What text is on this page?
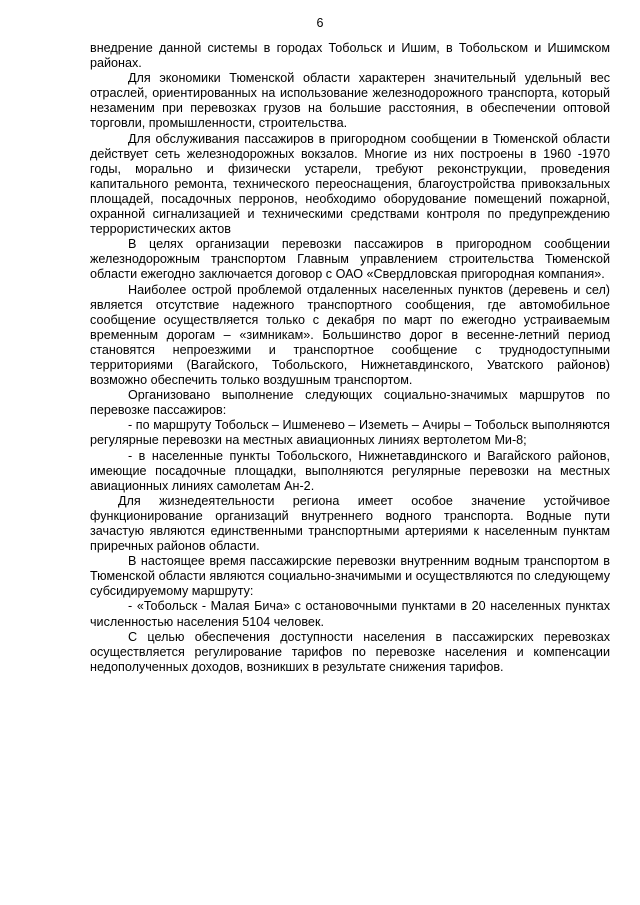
6

внедрение данной системы в городах Тобольск и Ишим, в Тобольском и Ишимском районах.

Для экономики Тюменской области характерен значительный удельный вес отраслей, ориентированных на использование железнодорожного транспорта, который незаменим при перевозках грузов на большие расстояния, в обеспечении оптовой торговли, промышленности, строительства.

Для обслуживания пассажиров в пригородном сообщении в Тюменской области действует сеть железнодорожных вокзалов. Многие из них построены в 1960 -1970 годы, морально и физически устарели, требуют реконструкции, проведения капитального ремонта, технического переоснащения, благоустройства привокзальных площадей, посадочных перронов, необходимо оборудование помещений пожарной, охранной сигнализацией и техническими средствами контроля по предупреждению террористических актов

В целях организации перевозки пассажиров в пригородном сообщении железнодорожным транспортом Главным управлением строительства Тюменской области ежегодно заключается договор с ОАО «Свердловская пригородная компания».

Наиболее острой проблемой отдаленных населенных пунктов (деревень и сел) является отсутствие надежного транспортного сообщения, где автомобильное сообщение осуществляется только с декабря по март по ежегодно устраиваемым временным дорогам – «зимникам». Большинство дорог в весенне-летний период становятся непроезжими и транспортное сообщение с труднодоступными территориями (Вагайского, Тобольского, Нижнетавдинского, Уватского районов) возможно обеспечить только воздушным транспортом.

Организовано выполнение следующих социально-значимых маршрутов по перевозке пассажиров:

- по маршруту Тобольск – Ишменево – Иземеть – Ачиры – Тобольск выполняются регулярные перевозки на местных авиационных линиях вертолетом Ми-8;

- в населенные пункты Тобольского, Нижнетавдинского и Вагайского районов, имеющие посадочные площадки, выполняются регулярные перевозки на местных авиационных линиях самолетам Ан-2.

Для жизнедеятельности региона имеет особое значение устойчивое функционирование организаций внутреннего водного транспорта. Водные пути зачастую являются единственными транспортными артериями к населенным пунктам приречных районов области.

В настоящее время пассажирские перевозки внутренним водным транспортом в Тюменской области являются социально-значимыми и осуществляются по следующему субсидируемому маршруту:

- «Тобольск - Малая Бича» с остановочными пунктами в 20 населенных пунктах численностью населения 5104 человек.

С целью обеспечения доступности населения в пассажирских перевозках осуществляется регулирование тарифов по перевозке населения и компенсации недополученных доходов, возникших в результате снижения тарифов.
